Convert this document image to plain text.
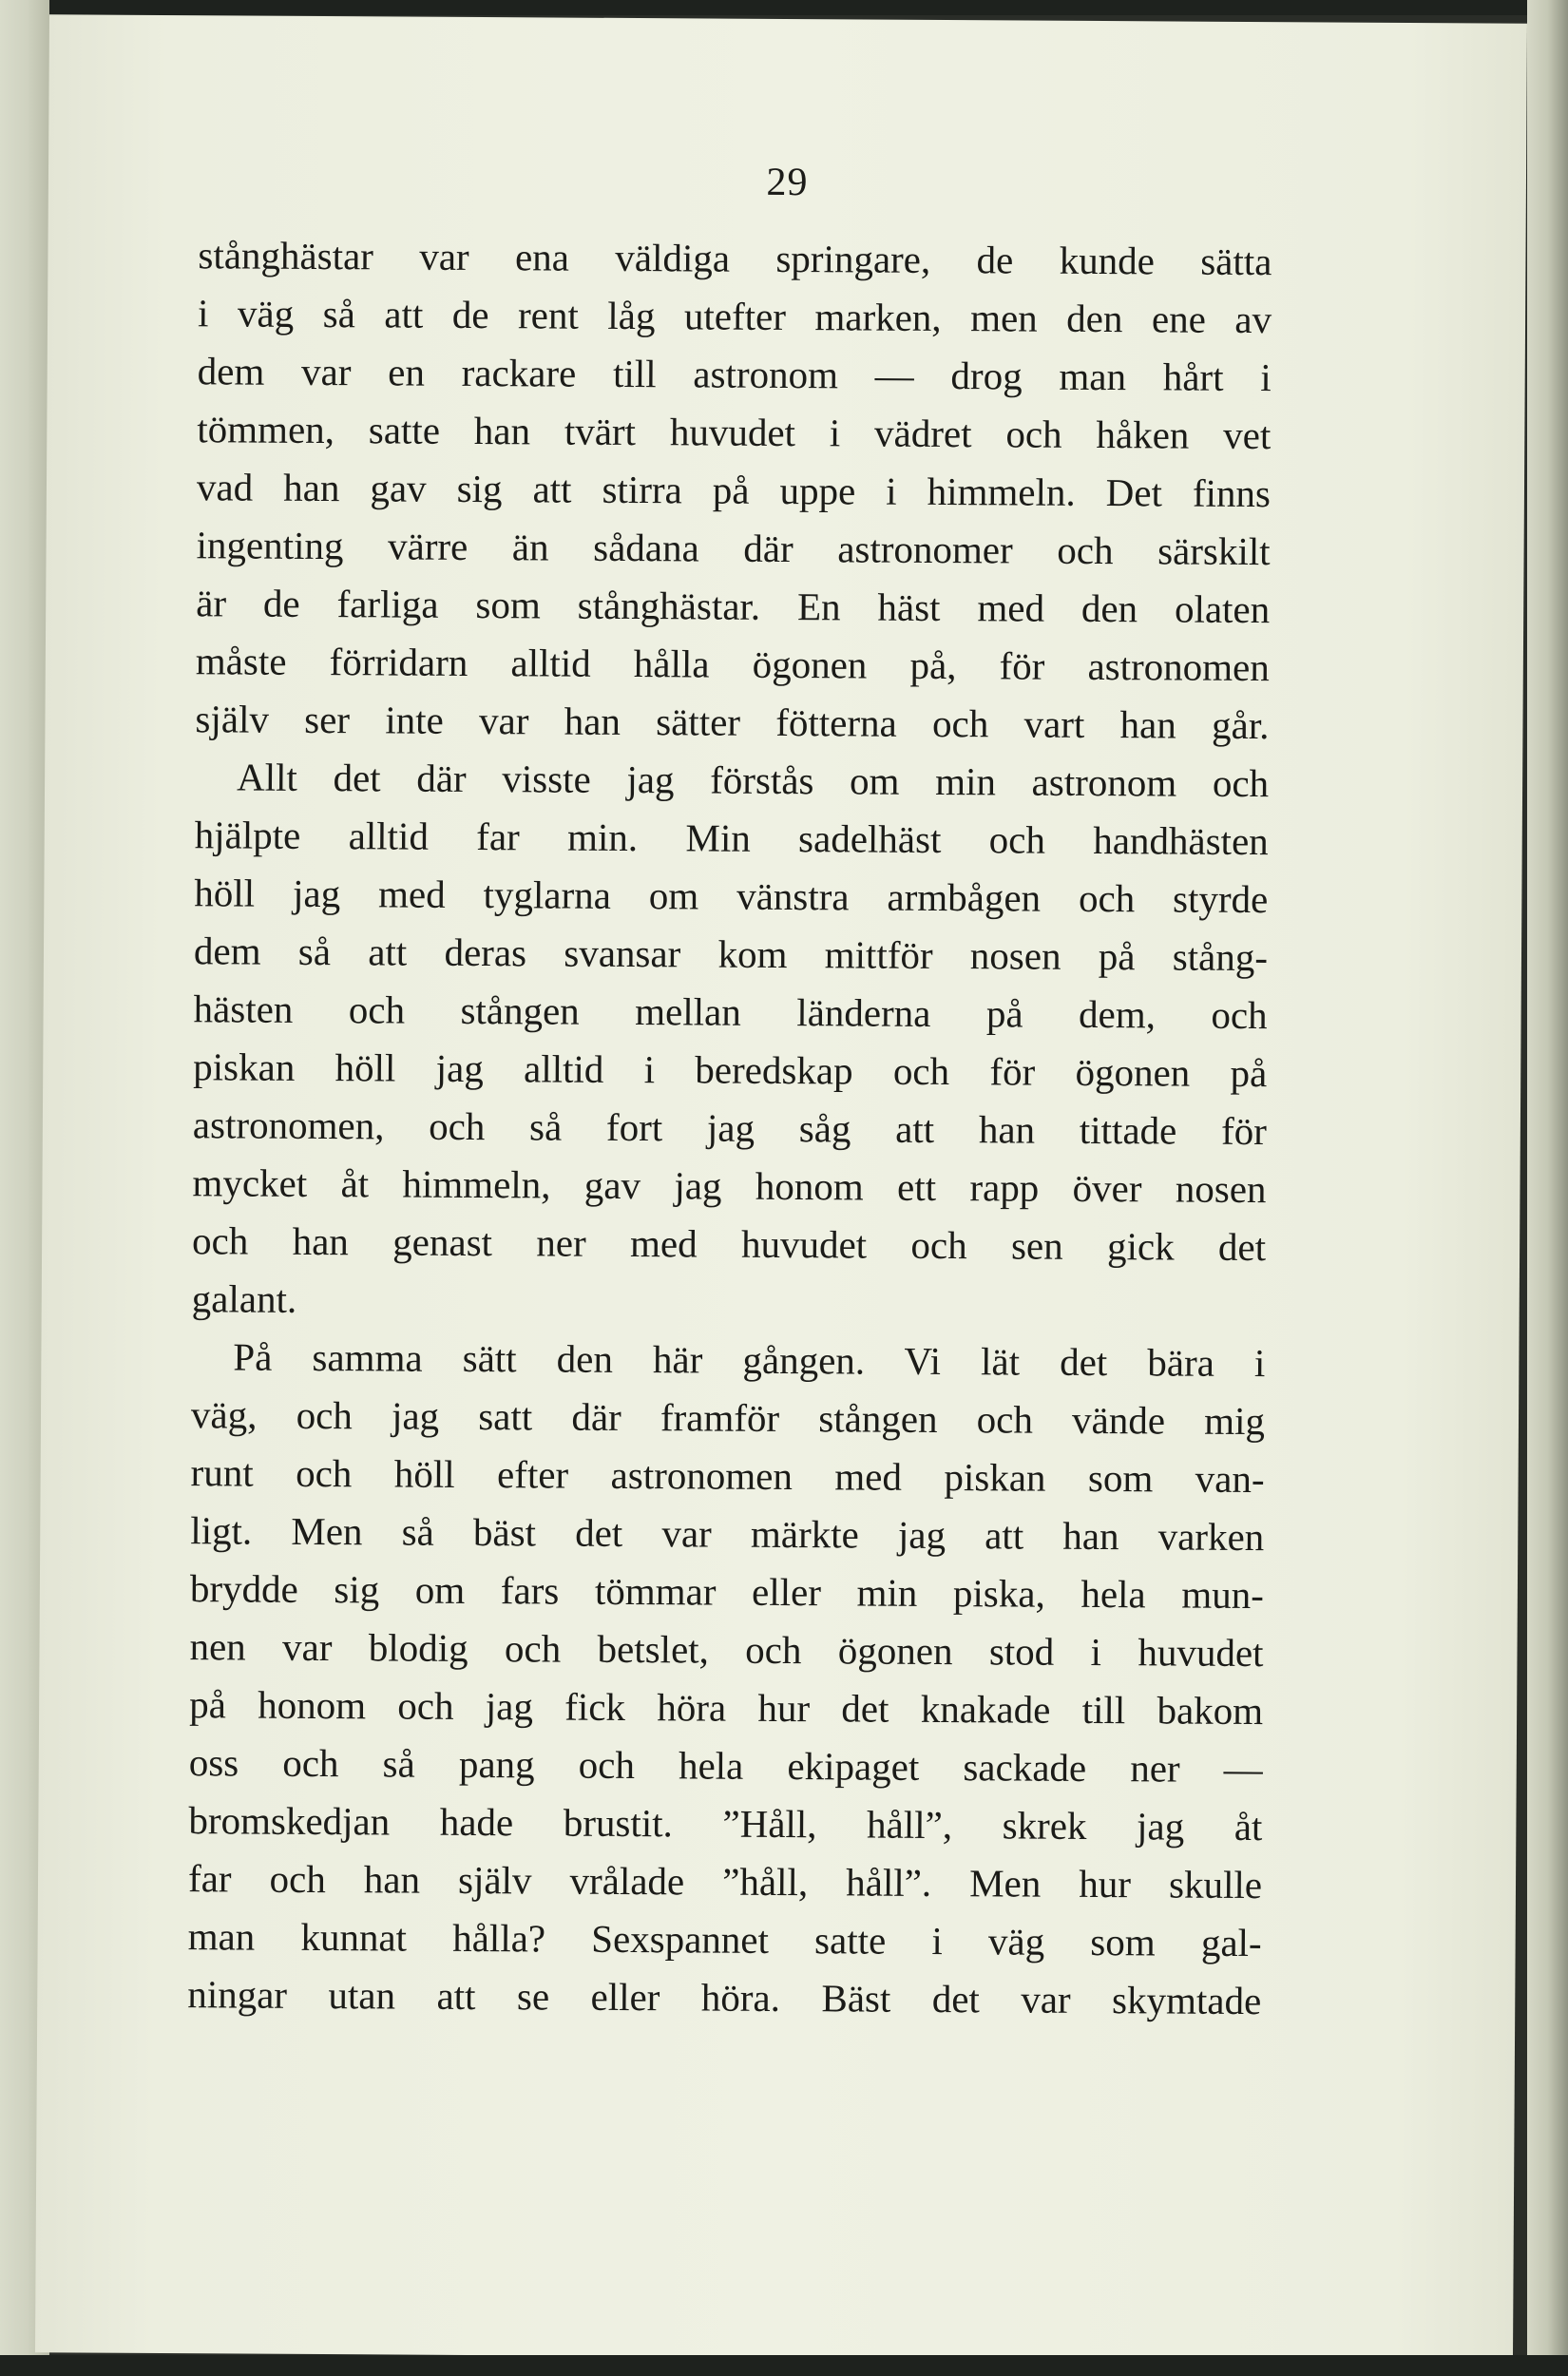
29
stånghästar var ena väldiga springare, de kunde sätta
i väg så att de rent låg utefter marken, men den ene av
dem var en rackare till astronom — drog man hårt i
tömmen, satte han tvärt huvudet i vädret och håken vet
vad han gav sig att stirra på uppe i himmeln. Det finns
ingenting värre än sådana där astronomer och särskilt
är de farliga som stånghästar. En häst med den olaten
måste förridarn alltid hålla ögonen på, för astronomen
själv ser inte var han sätter fötterna och vart han går.
Allt det där visste jag förstås om min astronom och
hjälpte alltid far min. Min sadelhäst och handhästen
höll jag med tyglarna om vänstra armbågen och styrde
dem så att deras svansar kom mittför nosen på stång-
hästen och stången mellan länderna på dem, och
piskan höll jag alltid i beredskap och för ögonen på
astronomen, och så fort jag såg att han tittade för
mycket åt himmeln, gav jag honom ett rapp över nosen
och han genast ner med huvudet och sen gick det
galant.
På samma sätt den här gången. Vi lät det bära i
väg, och jag satt där framför stången och vände mig
runt och höll efter astronomen med piskan som van-
ligt. Men så bäst det var märkte jag att han varken
brydde sig om fars tömmar eller min piska, hela mun-
nen var blodig och betslet, och ögonen stod i huvudet
på honom och jag fick höra hur det knakade till bakom
oss och så pang och hela ekipaget sackade ner —
bromskedjan hade brustit. ”Håll, håll”, skrek jag åt
far och han själv vrålade ”håll, håll”. Men hur skulle
man kunnat hålla? Sexspannet satte i väg som gal-
ningar utan att se eller höra. Bäst det var skymtade
